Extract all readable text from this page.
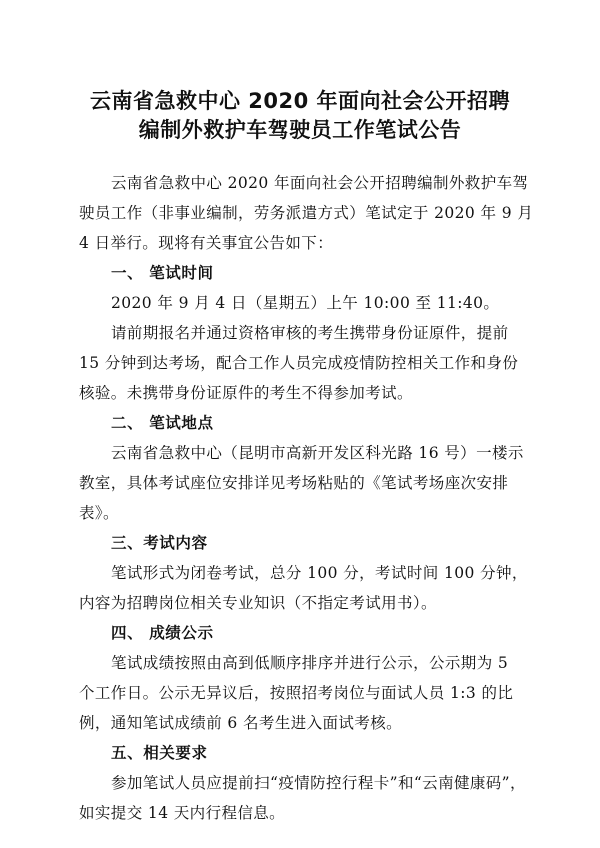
云南省急救中心 2020 年面向社会公开招聘
编制外救护车驾驶员工作笔试公告
云南省急救中心 2020 年面向社会公开招聘编制外救护车驾
驶员工作（非事业编制，劳务派遣方式）笔试定于 2020 年 9 月
4 日举行。现将有关事宜公告如下：
一、 笔试时间
2020 年 9 月 4 日（星期五）上午 10:00 至 11:40。
请前期报名并通过资格审核的考生携带身份证原件，提前
15 分钟到达考场，配合工作人员完成疫情防控相关工作和身份
核验。未携带身份证原件的考生不得参加考试。
二、 笔试地点
云南省急救中心（昆明市高新开发区科光路 16 号）一楼示
教室，具体考试座位安排详见考场粘贴的《笔试考场座次安排
表》。
三、考试内容
笔试形式为闭卷考试，总分 100 分，考试时间 100 分钟，
内容为招聘岗位相关专业知识（不指定考试用书）。
四、 成绩公示
笔试成绩按照由高到低顺序排序并进行公示，公示期为 5
个工作日。公示无异议后，按照招考岗位与面试人员 1:3 的比
例，通知笔试成绩前 6 名考生进入面试考核。
五、相关要求
参加笔试人员应提前扫“疫情防控行程卡”和“云南健康码”，
如实提交 14 天内行程信息。
